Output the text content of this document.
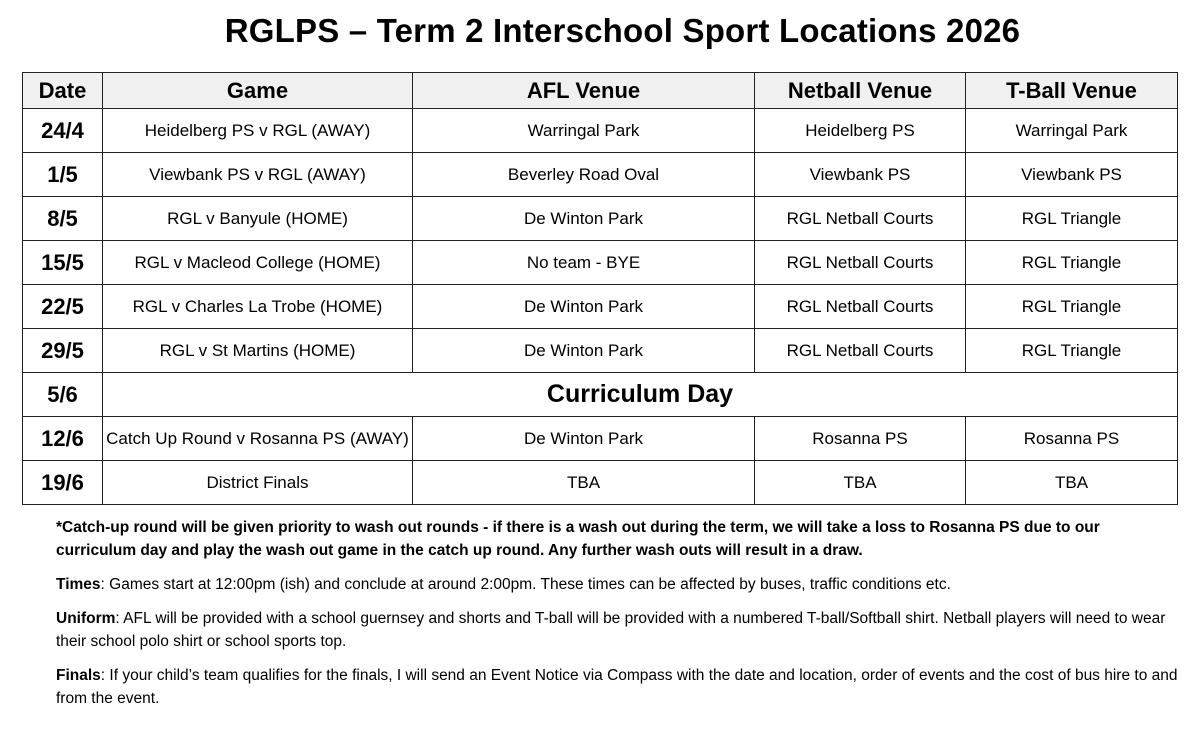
RGLPS – Term 2 Interschool Sport Locations 2026
Date	Game	AFL Venue	Netball Venue	T-Ball Venue
24/4	Heidelberg PS v RGL (AWAY)	Warringal Park	Heidelberg PS	Warringal Park
1/5	Viewbank PS v RGL (AWAY)	Beverley Road Oval	Viewbank PS	Viewbank PS
8/5	RGL v Banyule (HOME)	De Winton Park	RGL Netball Courts	RGL Triangle
15/5	RGL v Macleod College (HOME)	No team - BYE	RGL Netball Courts	RGL Triangle
22/5	RGL v Charles La Trobe (HOME)	De Winton Park	RGL Netball Courts	RGL Triangle
29/5	RGL v St Martins (HOME)	De Winton Park	RGL Netball Courts	RGL Triangle
5/6	Curriculum Day			
12/6	Catch Up Round v Rosanna PS (AWAY)	De Winton Park	Rosanna PS	Rosanna PS
19/6	District Finals	TBA	TBA	TBA

*Catch-up round will be given priority to wash out rounds - if there is a wash out during the term, we will take a loss to Rosanna PS due to our curriculum day and play the wash out game in the catch up round. Any further wash outs will result in a draw.

Times: Games start at 12:00pm (ish) and conclude at around 2:00pm. These times can be affected by buses, traffic conditions etc.

Uniform: AFL will be provided with a school guernsey and shorts and T-ball will be provided with a numbered T-ball/Softball shirt. Netball players will need to wear their school polo shirt or school sports top.

Finals: If your child’s team qualifies for the finals, I will send an Event Notice via Compass with the date and location, order of events and the cost of bus hire to and from the event.
